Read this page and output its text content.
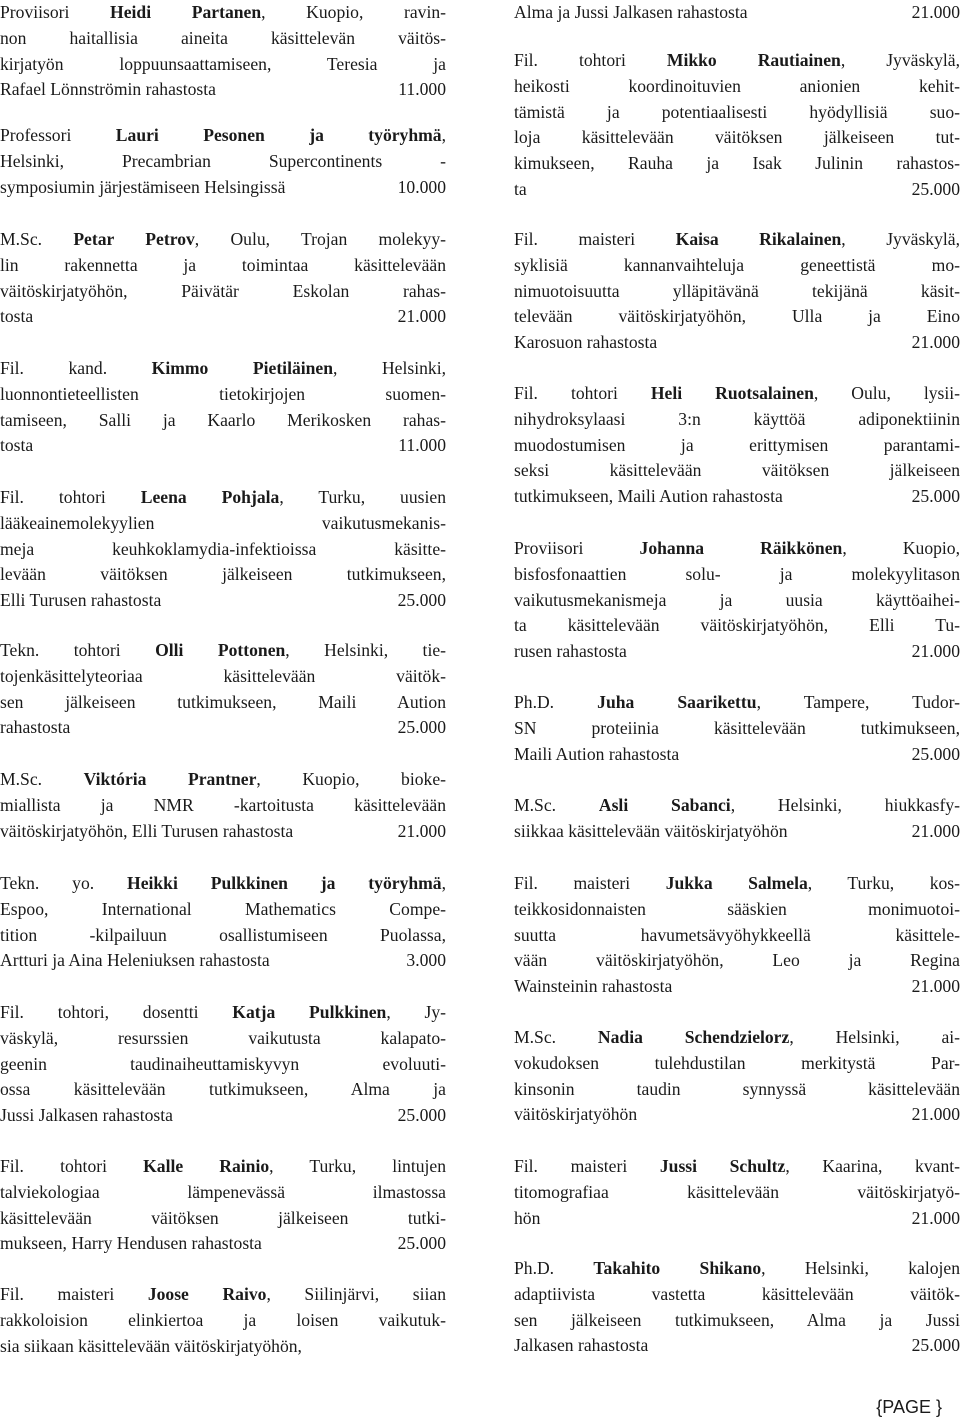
Proviisori Heidi Partanen, Kuopio, ravin-
non haitallisia aineita käsittelevän väitös-
kirjatyön loppuunsaattamiseen, Teresia ja
Rafael Lönnströmin rahastosta	11.000
Professori Lauri Pesonen ja työryhmä,
Helsinki, Precambrian Supercontinents -
symposiumin järjestämiseen Helsingissä	10.000
M.Sc. Petar Petrov, Oulu, Trojan molekyy-
lin rakennetta ja toimintaa käsittelevään
väitöskirjatyöhön, Päivätär Eskolan rahas-
tosta	21.000
Fil. kand. Kimmo Pietiläinen, Helsinki,
luonnontieteellisten tietokirjojen suomen-
tamiseen, Salli ja Kaarlo Merikosken rahas-
tosta	11.000
Fil. tohtori Leena Pohjala, Turku, uusien
lääkeainemolekyylien vaikutusmekanis-
meja keuhkoklamydia-infektioissa käsitte-
levään väitöksen jälkeiseen tutkimukseen,
Elli Turusen rahastosta	25.000
Tekn. tohtori Olli Pottonen, Helsinki, tie-
tojenkäsittelyteoriaa käsittelevään väitök-
sen jälkeiseen tutkimukseen, Maili Aution
rahastosta	25.000
M.Sc. Viktória Prantner, Kuopio, bioke-
miallista ja NMR -kartoitusta käsittelevään
väitöskirjatyöhön, Elli Turusen rahastosta	21.000
Tekn. yo. Heikki Pulkkinen ja työryhmä,
Espoo, International Mathematics Compe-
tition -kilpailuun osallistumiseen Puolassa,
Artturi ja Aina Heleniuksen rahastosta	3.000
Fil. tohtori, dosentti Katja Pulkkinen, Jy-
väskylä, resurssien vaikutusta kalapato-
geenin taudinaiheuttamiskyvyn evoluuti-
ossa käsittelevään tutkimukseen, Alma ja
Jussi Jalkasen rahastosta	25.000
Fil. tohtori Kalle Rainio, Turku, lintujen
talviekologiaa lämpenevässä ilmastossa
käsittelevään väitöksen jälkeiseen tutki-
mukseen, Harry Hendusen rahastosta	25.000
Fil. maisteri Joose Raivo, Siilinjärvi, siian
rakkoloision elinkiertoa ja loisen vaikutuk-
sia siikaan käsittelevään väitöskirjatyöhön,
Alma ja Jussi Jalkasen rahastosta	21.000
Fil. tohtori Mikko Rautiainen, Jyväskylä,
heikosti koordinoituvien anionien kehit-
tämistä ja potentiaalisesti hyödyllisiä suo-
loja käsittelevään väitöksen jälkeiseen tut-
kimukseen, Rauha ja Isak Julinin rahastos-
ta	25.000
Fil. maisteri Kaisa Rikalainen, Jyväskylä,
syklisiä kannanvaihteluja geneettistä mo-
nimuotoisuutta ylläpitävänä tekijänä käsit-
televään väitöskirjatyöhön, Ulla ja Eino
Karosuon rahastosta	21.000
Fil. tohtori Heli Ruotsalainen, Oulu, lysii-
nihydroksylaasi 3:n käyttöä adiponektiinin
muodostumisen ja erittymisen parantami-
seksi käsittelevään väitöksen jälkeiseen
tutkimukseen, Maili Aution rahastosta	25.000
Proviisori Johanna Räikkönen, Kuopio,
bisfosfonaattien solu- ja molekyylitason
vaikutusmekanismeja ja uusia käyttöaihei-
ta käsittelevään väitöskirjatyöhön, Elli Tu-
rusen rahastosta	21.000
Ph.D. Juha Saarikettu, Tampere, Tudor-
SN proteiinia käsittelevään tutkimukseen,
Maili Aution rahastosta	25.000
M.Sc. Asli Sabanci, Helsinki, hiukkasfy-
siikkaa käsittelevään väitöskirjatyöhön	21.000
Fil. maisteri Jukka Salmela, Turku, kos-
teikkosidonnaisten sääskien monimuotoi-
suutta havumetsävyöhykkeellä käsittele-
vään väitöskirjatyöhön, Leo ja Regina
Wainsteinin rahastosta	21.000
M.Sc. Nadia Schendzielorz, Helsinki, ai-
vokudoksen tulehdustilan merkitystä Par-
kinsonin taudin synnyssä käsittelevään
väitöskirjatyöhön	21.000
Fil. maisteri Jussi Schultz, Kaarina, kvant-
titomografiaa käsittelevään väitöskirjatyö-
hön	21.000
Ph.D. Takahito Shikano, Helsinki, kalojen
adaptiivista vastetta käsittelevään väitök-
sen jälkeiseen tutkimukseen, Alma ja Jussi
Jalkasen rahastosta	25.000
{PAGE }
